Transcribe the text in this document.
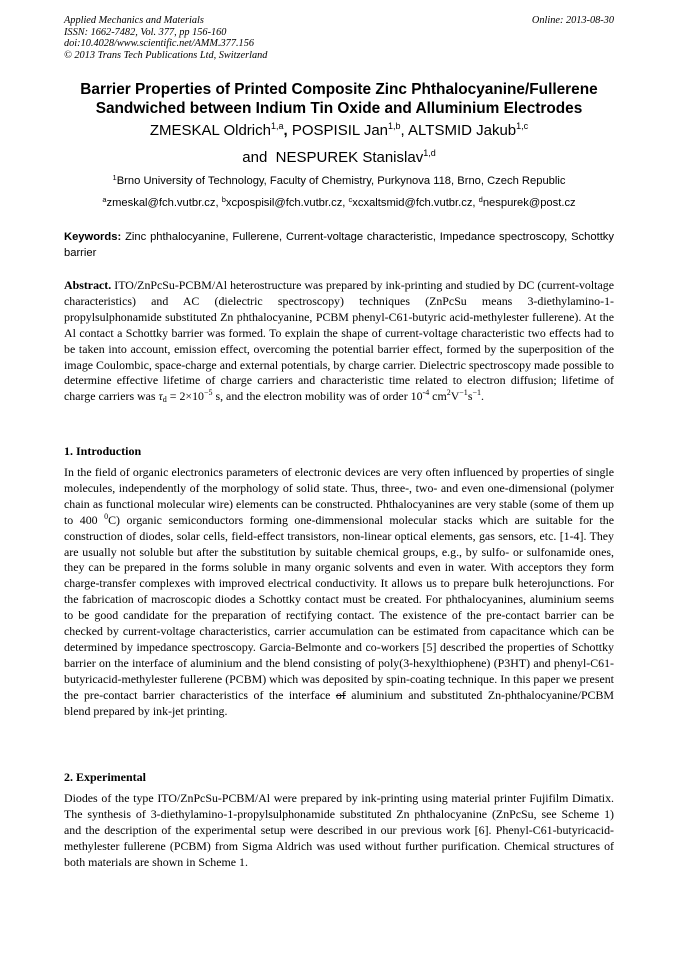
Applied Mechanics and Materials
ISSN: 1662-7482, Vol. 377, pp 156-160
doi:10.4028/www.scientific.net/AMM.377.156
© 2013 Trans Tech Publications Ltd, Switzerland
Online: 2013-08-30
Barrier Properties of Printed Composite Zinc Phthalocyanine/Fullerene
Sandwiched between Indium Tin Oxide and Alluminium Electrodes
ZMESKAL Oldrich$^{1,a}$, POSPISIL Jan$^{1,b}$, ALTSMID Jakub$^{1,c}$
and NESPUREK Stanislav$^{1,d}$
$^1$Brno University of Technology, Faculty of Chemistry, Purkynova 118, Brno, Czech Republic
$^a$zmeskal@fch.vutbr.cz, $^b$xcpospisil@fch.vutbr.cz, $^c$xcxaltsmid@fch.vutbr.cz, $^d$nespurek@post.cz
Keywords: Zinc phthalocyanine, Fullerene, Current-voltage characteristic, Impedance spectroscopy, Schottky barrier
Abstract. ITO/ZnPcSu-PCBM/Al heterostructure was prepared by ink-printing and studied by DC (current-voltage characteristics) and AC (dielectric spectroscopy) techniques (ZnPcSu means 3-diethylamino-1-propylsulphonamide substituted Zn phthalocyanine, PCBM phenyl-C61-butyric acid-methylester fullerene). At the Al contact a Schottky barrier was formed. To explain the shape of current-voltage characteristic two effects had to be taken into account, emission effect, overcoming the potential barrier effect, formed by the superposition of the image Coulombic, space-charge and external potentials, by charge carrier. Dielectric spectroscopy made possible to determine effective lifetime of charge carriers and characteristic time related to electron diffusion; lifetime of charge carriers was $\tau_d = 2\times 10^{-5}$ s, and the electron mobility was of order $10^{-4}$ $cm^2V^{-1}s^{-1}$.
1. Introduction
In the field of organic electronics parameters of electronic devices are very often influenced by properties of single molecules, independently of the morphology of solid state. Thus, three-, two- and even one-dimensional (polymer chain as functional molecular wire) elements can be constructed. Phthalocyanines are very stable (some of them up to 400 $^0$C) organic semiconductors forming one-dimmensional molecular stacks which are suitable for the construction of diodes, solar cells, field-effect transistors, non-linear optical elements, gas sensors, etc. [1-4]. They are usually not soluble but after the substitution by suitable chemical groups, e.g., by sulfo- or sulfonamide ones, they can be prepared in the forms soluble in many organic solvents and even in water. With acceptors they form charge-transfer complexes with improved electrical conductivity. It allows us to prepare bulk heterojunctions. For the fabrication of macroscopic diodes a Schottky contact must be created. For phthalocyanines, aluminium seems to be good candidate for the preparation of rectifying contact. The existence of the pre-contact barrier can be checked by current-voltage characteristics, carrier accumulation can be estimated from capacitance which can be determined by impedance spectroscopy. Garcia-Belmonte and co-workers [5] described the properties of Schottky barrier on the interface of aluminium and the blend consisting of poly(3-hexylthiophene) (P3HT) and phenyl-C61-butyricacid-methylester fullerene (PCBM) which was deposited by spin-coating technique. In this paper we present the pre-contact barrier characteristics of the interface of aluminium and substituted Zn-phthalocyanine/PCBM blend prepared by ink-jet printing.
2. Experimental
Diodes of the type ITO/ZnPcSu-PCBM/Al were prepared by ink-printing using material printer Fujifilm Dimatix. The synthesis of 3-diethylamino-1-propylsulphonamide substituted Zn phthalocyanine (ZnPcSu, see Scheme 1) and the description of the experimental setup were described in our previous work [6]. Phenyl-C61-butyricacid-methylester fullerene (PCBM) from Sigma Aldrich was used without further purification. Chemical structures of both materials are shown in Scheme 1.
